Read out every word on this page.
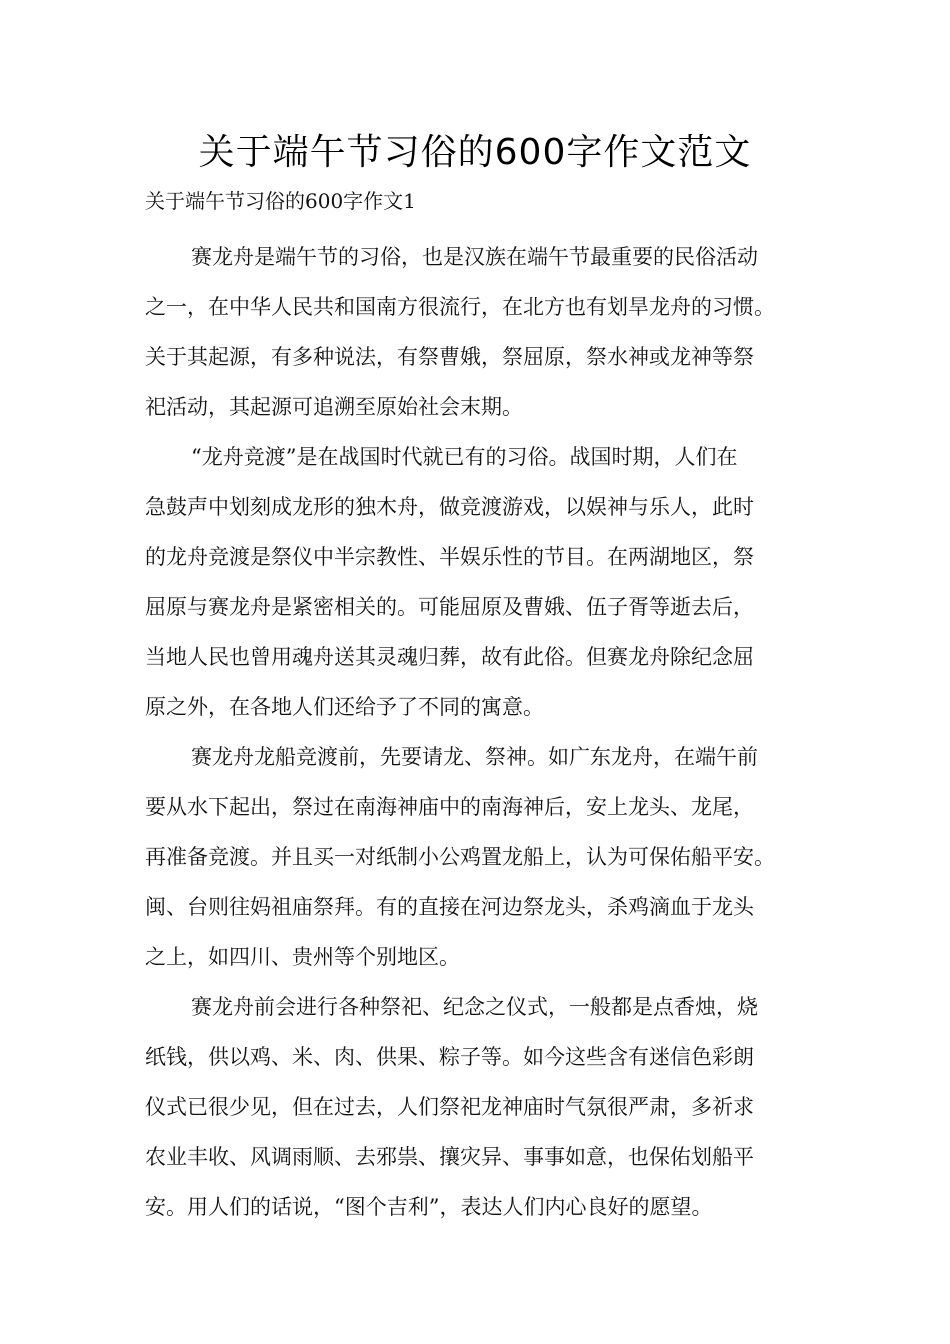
关于端午节习俗的600字作文范文
关于端午节习俗的600字作文1

赛龙舟是端午节的习俗，也是汉族在端午节最重要的民俗活动
之一，在中华人民共和国南方很流行，在北方也有划旱龙舟的习惯。
关于其起源，有多种说法，有祭曹娥，祭屈原，祭水神或龙神等祭
祀活动，其起源可追溯至原始社会末期。

“龙舟竞渡”是在战国时代就已有的习俗。战国时期，人们在
急鼓声中划刻成龙形的独木舟，做竞渡游戏，以娱神与乐人，此时
的龙舟竞渡是祭仪中半宗教性、半娱乐性的节目。在两湖地区，祭
屈原与赛龙舟是紧密相关的。可能屈原及曹娥、伍子胥等逝去后，
当地人民也曾用魂舟送其灵魂归葬，故有此俗。但赛龙舟除纪念屈
原之外，在各地人们还给予了不同的寓意。

赛龙舟龙船竞渡前，先要请龙、祭神。如广东龙舟，在端午前
要从水下起出，祭过在南海神庙中的南海神后，安上龙头、龙尾，
再准备竞渡。并且买一对纸制小公鸡置龙船上，认为可保佑船平安。
闽、台则往妈祖庙祭拜。有的直接在河边祭龙头，杀鸡滴血于龙头
之上，如四川、贵州等个别地区。

赛龙舟前会进行各种祭祀、纪念之仪式，一般都是点香烛，烧
纸钱，供以鸡、米、肉、供果、粽子等。如今这些含有迷信色彩朗
仪式已很少见，但在过去，人们祭祀龙神庙时气氛很严肃，多祈求
农业丰收、风调雨顺、去邪祟、攘灾异、事事如意，也保佑划船平
安。用人们的话说，“图个吉利”，表达人们内心良好的愿望。
